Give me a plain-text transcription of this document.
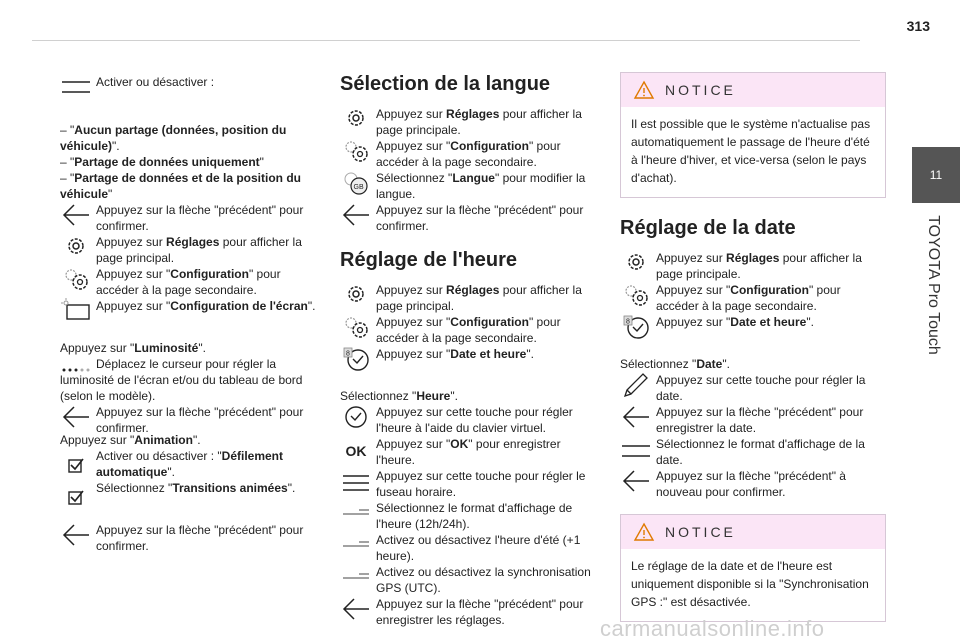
313
11
TOYOTA Pro Touch
Activer ou désactiver :
– "Aucun partage (données, position du véhicule)".
– "Partage de données uniquement"
– "Partage de données et de la position du véhicule"
Appuyez sur la flèche "précédent" pour confirmer.
Appuyez sur Réglages pour afficher la page principal.
Appuyez sur "Configuration" pour accéder à la page secondaire.
Appuyez sur "Configuration de l'écran".
Appuyez sur "Luminosité".
Déplacez le curseur pour régler la luminosité de l'écran et/ou du tableau de bord (selon le modèle).
Appuyez sur la flèche "précédent" pour confirmer.
Appuyez sur "Animation".
Activer ou désactiver : "Défilement automatique".
Sélectionnez "Transitions animées".
Appuyez sur la flèche "précédent" pour confirmer.
Sélection de la langue
Appuyez sur Réglages pour afficher la page principale.
Appuyez sur "Configuration" pour accéder à la page secondaire.
GB
Sélectionnez "Langue" pour modifier la langue.
Appuyez sur la flèche "précédent" pour confirmer.
Réglage de l'heure
Appuyez sur Réglages pour afficher la page principal.
Appuyez sur "Configuration" pour accéder à la page secondaire.
8 Appuyez sur "Date et heure".
Sélectionnez "Heure".
Appuyez sur cette touche pour régler l'heure à l'aide du clavier virtuel.
OK Appuyez sur "OK" pour enregistrer l'heure.
Appuyez sur cette touche pour régler le fuseau horaire.
Sélectionnez le format d'affichage de l'heure (12h/24h).
Activez ou désactivez l'heure d'été (+1 heure).
Activez ou désactivez la synchronisation GPS (UTC).
Appuyez sur la flèche "précédent" pour enregistrer les réglages.
NOTICE
Il est possible que le système n'actualise pas automatiquement le passage de l'heure d'été à l'heure d'hiver, et vice-versa (selon le pays d'achat).
Réglage de la date
Appuyez sur Réglages pour afficher la page principale.
Appuyez sur "Configuration" pour accéder à la page secondaire.
8 Appuyez sur "Date et heure".
Sélectionnez "Date".
Appuyez sur cette touche pour régler la date.
Appuyez sur la flèche "précédent" pour enregistrer la date.
Sélectionnez le format d'affichage de la date.
Appuyez sur la flèche "précédent" à nouveau pour confirmer.
NOTICE
Le réglage de la date et de l'heure est uniquement disponible si la "Synchronisation GPS :" est désactivée.
carmanualsonline.info
